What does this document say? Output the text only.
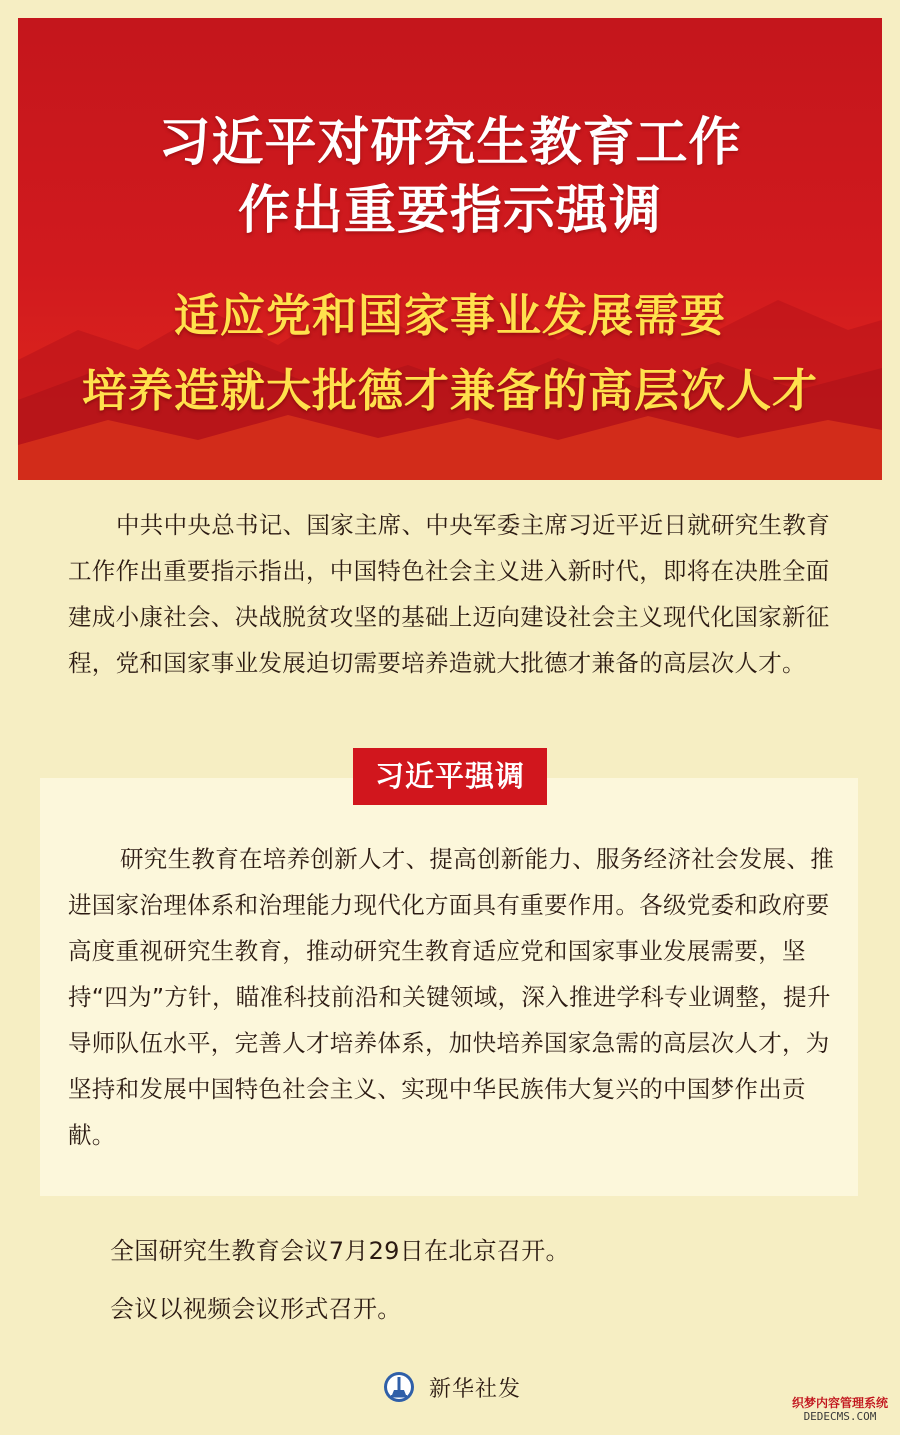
习近平对研究生教育工作
作出重要指示强调
适应党和国家事业发展需要
培养造就大批德才兼备的高层次人才
中共中央总书记、国家主席、中央军委主席习近平近日就研究生教育工作作出重要指示指出，中国特色社会主义进入新时代，即将在决胜全面建成小康社会、决战脱贫攻坚的基础上迈向建设社会主义现代化国家新征程，党和国家事业发展迫切需要培养造就大批德才兼备的高层次人才。
习近平强调
研究生教育在培养创新人才、提高创新能力、服务经济社会发展、推进国家治理体系和治理能力现代化方面具有重要作用。各级党委和政府要高度重视研究生教育，推动研究生教育适应党和国家事业发展需要，坚持“四为”方针，瞄准科技前沿和关键领域，深入推进学科专业调整，提升导师队伍水平，完善人才培养体系，加快培养国家急需的高层次人才，为坚持和发展中国特色社会主义、实现中华民族伟大复兴的中国梦作出贡献。
全国研究生教育会议7月29日在北京召开。
会议以视频会议形式召开。
新华社发
织梦内容管理系统
DEDECMS.COM
